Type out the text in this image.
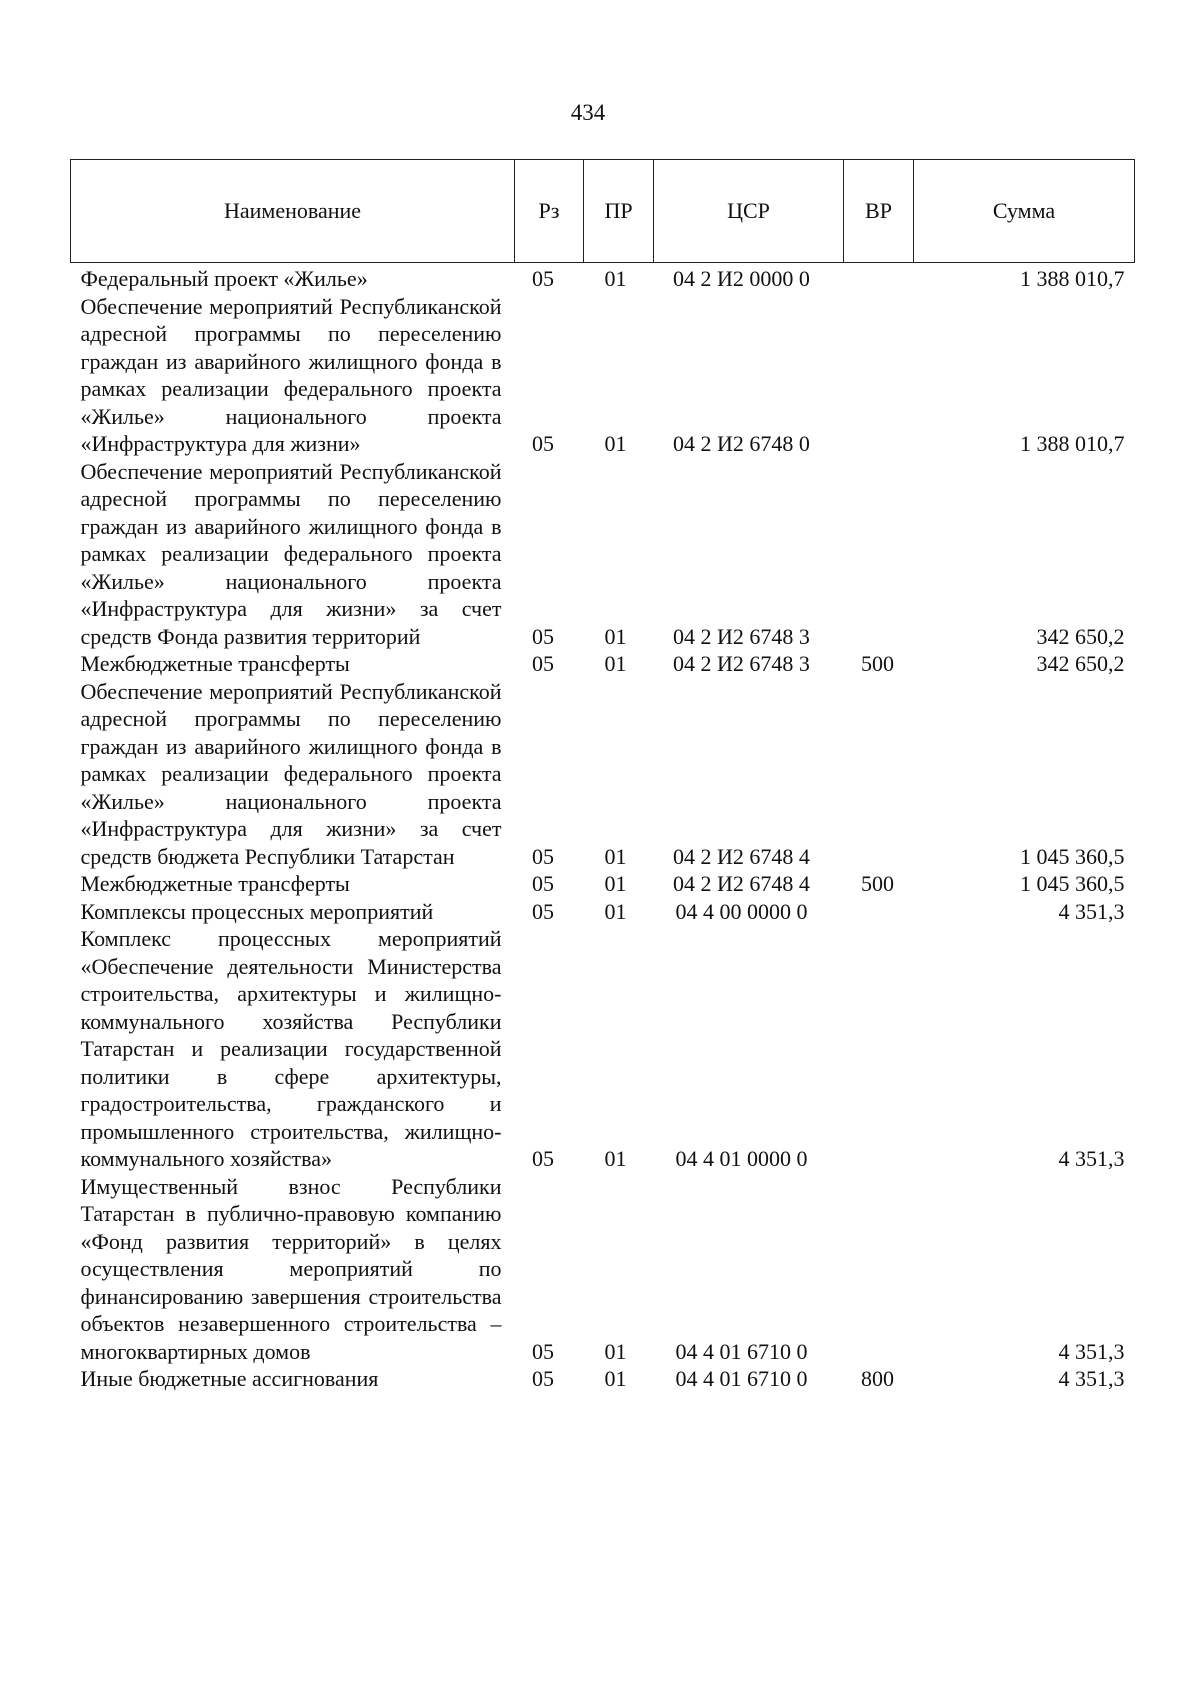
434
Наименование	Рз	ПР	ЦСР	ВР	Сумма
Федеральный проект «Жилье»	05	01	04 2 И2 0000 0		1 388 010,7
Обеспечение мероприятий Республиканской адресной программы по переселению граждан из аварийного жилищного фонда в рамках реализации федерального проекта «Жилье» национального проекта «Инфраструктура для жизни»	05	01	04 2 И2 6748 0		1 388 010,7
Обеспечение мероприятий Республиканской адресной программы по переселению граждан из аварийного жилищного фонда в рамках реализации федерального проекта «Жилье» национального проекта «Инфраструктура для жизни» за счет средств Фонда развития территорий	05	01	04 2 И2 6748 3		342 650,2
Межбюджетные трансферты	05	01	04 2 И2 6748 3	500	342 650,2
Обеспечение мероприятий Республиканской адресной программы по переселению граждан из аварийного жилищного фонда в рамках реализации федерального проекта «Жилье» национального проекта «Инфраструктура для жизни» за счет средств бюджета Республики Татарстан	05	01	04 2 И2 6748 4		1 045 360,5
Межбюджетные трансферты	05	01	04 2 И2 6748 4	500	1 045 360,5
Комплексы процессных мероприятий	05	01	04 4 00 0000 0		4 351,3
Комплекс процессных мероприятий «Обеспечение деятельности Министерства строительства, архитектуры и жилищно-коммунального хозяйства Республики Татарстан и реализации государственной политики в сфере архитектуры, градостроительства, гражданского и промышленного строительства, жилищно-коммунального хозяйства»	05	01	04 4 01 0000 0		4 351,3
Имущественный взнос Республики Татарстан в публично-правовую компанию «Фонд развития территорий» в целях осуществления мероприятий по финансированию завершения строительства объектов незавершенного строительства – многоквартирных домов	05	01	04 4 01 6710 0		4 351,3
Иные бюджетные ассигнования	05	01	04 4 01 6710 0	800	4 351,3
